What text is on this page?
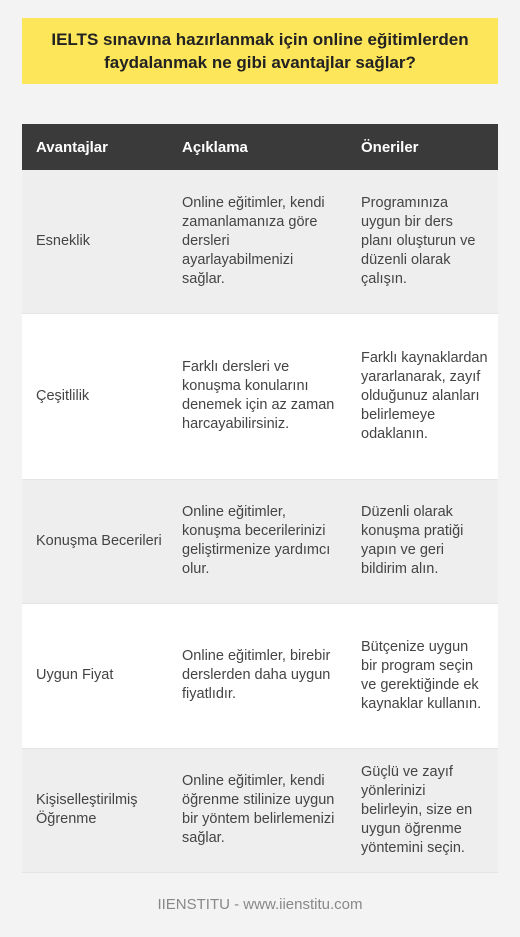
IELTS sınavına hazırlanmak için online eğitimlerden faydalanmak ne gibi avantajlar sağlar?
Avantajlar	Açıklama	Öneriler
Esneklik	Online eğitimler, kendi zamanlamanıza göre dersleri ayarlayabilmenizi sağlar.	Programınıza uygun bir ders planı oluşturun ve düzenli olarak çalışın.
Çeşitlilik	Farklı dersleri ve konuşma konularını denemek için az zaman harcayabilirsiniz.	Farklı kaynaklardan yararlanarak, zayıf olduğunuz alanları belirlemeye odaklanın.
Konuşma Becerileri	Online eğitimler, konuşma becerilerinizi geliştirmenize yardımcı olur.	Düzenli olarak konuşma pratiği yapın ve geri bildirim alın.
Uygun Fiyat	Online eğitimler, birebir derslerden daha uygun fiyatlıdır.	Bütçenize uygun bir program seçin ve gerektiğinde ek kaynaklar kullanın.
Kişiselleştirilmiş Öğrenme	Online eğitimler, kendi öğrenme stilinize uygun bir yöntem belirlemenizi sağlar.	Güçlü ve zayıf yönlerinizi belirleyin, size en uygun öğrenme yöntemini seçin.
IIENSTITU - www.iienstitu.com
